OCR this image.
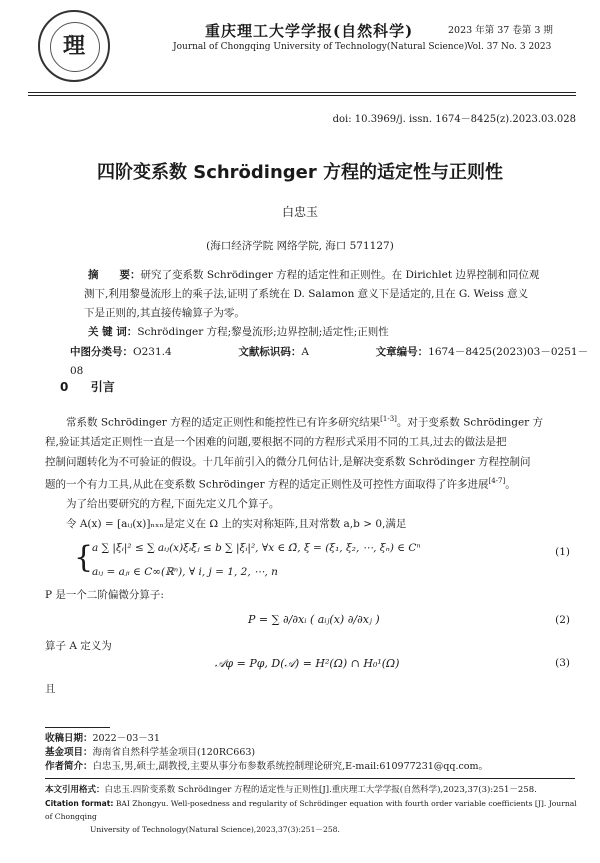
理
重庆理工大学学报(自然科学)
Journal of Chongqing University of Technology(Natural Science)
2023 年第 37 卷第 3 期
Vol. 37 No. 3 2023
doi: 10.3969/j. issn. 1674－8425(z).2023.03.028
四阶变系数 Schrödinger 方程的适定性与正则性
白忠玉
(海口经济学院 网络学院, 海口 571127)
摘　　要：研究了变系数 Schrödinger 方程的适定性和正则性。在 Dirichlet 边界控制和同位观
测下,利用黎曼流形上的乘子法,证明了系统在 D. Salamon 意义下是适定的,且在 G. Weiss 意义
下是正则的,其直接传输算子为零。
关 键 词：Schrödinger 方程;黎曼流形;边界控制;适定性;正则性
中图分类号：O231.4	文献标识码：A	文章编号：1674－8425(2023)03－0251－08
0 引言
常系数 Schrödinger 方程的适定正则性和能控性已有许多研究结果[1-3]。对于变系数 Schrödinger 方
程,验证其适定正则性一直是一个困难的问题,要根据不同的方程形式采用不同的工具,过去的做法是把
控制问题转化为不可验证的假设。十几年前引入的微分几何估计,是解决变系数 Schrödinger 方程控制问
题的一个有力工具,从此在变系数 Schrödinger 方程的适定正则性及可控性方面取得了许多进展[4-7]。
为了给出要研究的方程,下面先定义几个算子。
令 A(x) = [aᵢⱼ(x)]ₙₓₙ是定义在 Ω 上的实对称矩阵,且对常数 a,b > 0,满足
{
a ∑ |ξᵢ|² ≤ ∑ aᵢⱼ(x)ξᵢξ̄ⱼ ≤ b ∑ |ξᵢ|², ∀x ∈ Ω̄, ξ = (ξ₁, ξ₂, ⋯, ξₙ) ∈ Cⁿ
aᵢⱼ = aⱼᵢ ∈ C∞(ℝⁿ), ∀ i, j = 1, 2, ⋯, n
(1)
P 是一个二阶偏微分算子:
P = ∑ ∂/∂xᵢ ( aᵢⱼ(x) ∂/∂xⱼ )	(2)
算子 A 定义为
𝒜φ = Pφ, D(𝒜) = H²(Ω) ∩ H₀¹(Ω)	(3)
且
收稿日期：2022－03－31
基金项目：海南省自然科学基金项目(120RC663)
作者简介：白忠玉,男,硕士,副教授,主要从事分布参数系统控制理论研究,E-mail:610977231@qq.com。
本文引用格式：白忠玉.四阶变系数 Schrödinger 方程的适定性与正则性[J].重庆理工大学学报(自然科学),2023,37(3):251－258.
Citation format: BAI Zhongyu. Well-posedness and regularity of Schrödinger equation with fourth order variable coefficients [J]. Journal of Chongqing
University of Technology(Natural Science),2023,37(3):251－258.
